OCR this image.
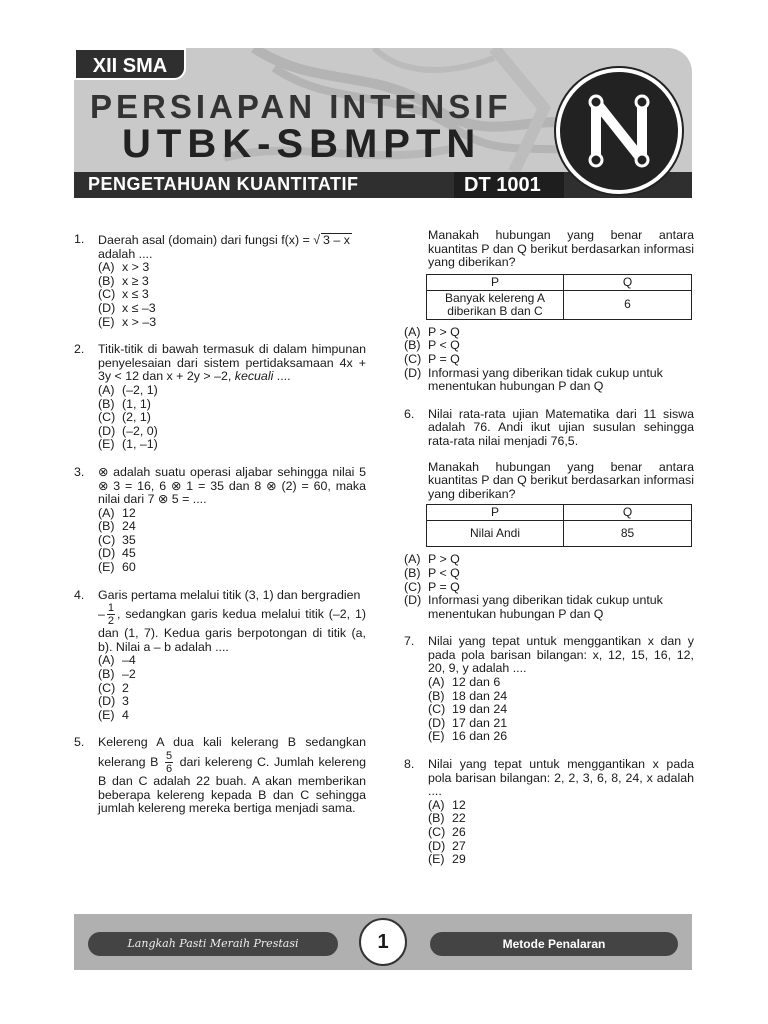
XII SMA
PERSIAPAN INTENSIF
UTBK-SBMPTN
PENGETAHUAN KUANTITATIF	DT 1001
1. Daerah asal (domain) dari fungsi f(x) = √ 3 – x
adalah ....
(A) x > 3
(B) x ≥ 3
(C) x ≤ 3
(D) x ≤ –3
(E) x > –3
2. Titik-titik di bawah termasuk di dalam himpunan penyelesaian dari sistem pertidaksamaan 4x + 3y < 12 dan x + 2y > –2, kecuali ....
(A) (–2, 1)
(B) (1, 1)
(C) (2, 1)
(D) (–2, 0)
(E) (1, –1)
3. ⊗ adalah suatu operasi aljabar sehingga nilai 5 ⊗ 3 = 16, 6 ⊗ 1 = 35 dan 8 ⊗ (2) = 60, maka nilai dari 7 ⊗ 5 = ....
(A) 12
(B) 24
(C) 35
(D) 45
(E) 60
4. Garis pertama melalui titik (3, 1) dan bergradien
– $\frac{1}{2}$ , sedangkan garis kedua melalui titik (–2, 1) dan (1, 7). Kedua garis berpotongan di titik (a, b). Nilai a – b adalah ....
(A) –4
(B) –2
(C) 2
(D) 3
(E) 4
5. Kelereng A dua kali kelerang B sedangkan kelerang B $\frac{5}{6}$ dari kelereng C. Jumlah kelereng B dan C adalah 22 buah. A akan memberikan beberapa kelereng kepada B dan C sehingga jumlah kelereng mereka bertiga menjadi sama.
Manakah hubungan yang benar antara kuantitas P dan Q berikut berdasarkan informasi yang diberikan?
P	Q
Banyak kelereng A diberikan B dan C	6
(A) P > Q
(B) P < Q
(C) P = Q
(D) Informasi yang diberikan tidak cukup untuk menentukan hubungan P dan Q
6. Nilai rata-rata ujian Matematika dari 11 siswa adalah 76. Andi ikut ujian susulan sehingga rata-rata nilai menjadi 76,5.
Manakah hubungan yang benar antara kuantitas P dan Q berikut berdasarkan informasi yang diberikan?
P	Q
Nilai Andi	85
(A) P > Q
(B) P < Q
(C) P = Q
(D) Informasi yang diberikan tidak cukup untuk menentukan hubungan P dan Q
7. Nilai yang tepat untuk menggantikan x dan y pada pola barisan bilangan: x, 12, 15, 16, 12, 20, 9, y adalah ....
(A) 12 dan 6
(B) 18 dan 24
(C) 19 dan 24
(D) 17 dan 21
(E) 16 dan 26
8. Nilai yang tepat untuk menggantikan x pada pola barisan bilangan: 2, 2, 3, 6, 8, 24, x adalah ....
(A) 12
(B) 22
(C) 26
(D) 27
(E) 29
Langkah Pasti Meraih Prestasi	1	Metode Penalaran
